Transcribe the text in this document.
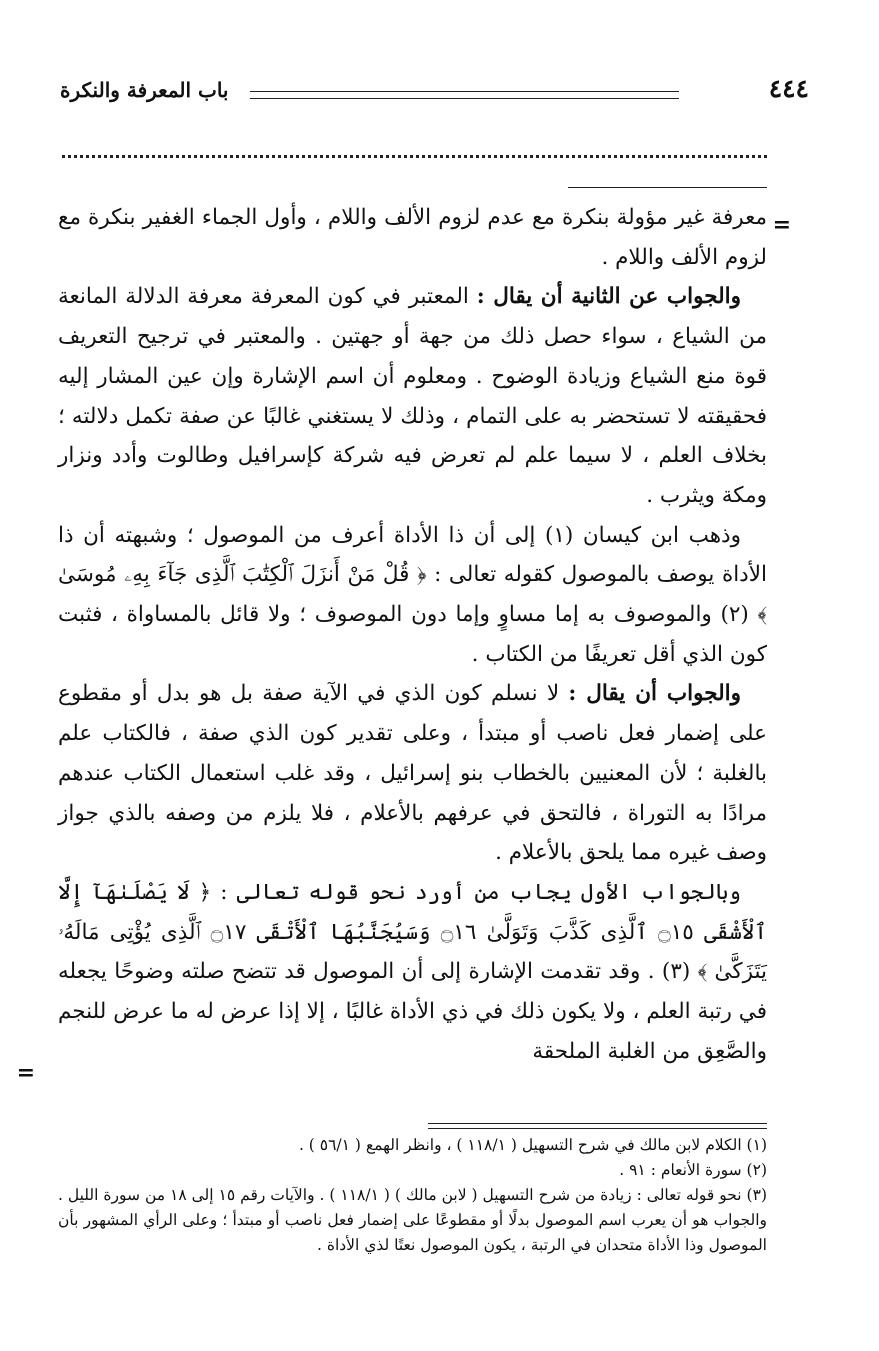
٤٤٤
باب المعرفة والنكرة
=
=

معرفة غير مؤولة بنكرة مع عدم لزوم الألف واللام ، وأول الجماء الغفير بنكرة مع لزوم الألف واللام .

والجواب عن الثانية أن يقال : المعتبر في كون المعرفة معرفة الدلالة المانعة من الشياع ، سواء حصل ذلك من جهة أو جهتين . والمعتبر في ترجيح التعريف قوة منع الشياع وزيادة الوضوح . ومعلوم أن اسم الإشارة وإن عين المشار إليه فحقيقته لا تستحضر به على التمام ، وذلك لا يستغني غالبًا عن صفة تكمل دلالته ؛ بخلاف العلم ، لا سيما علم لم تعرض فيه شركة كإسرافيل وطالوت وأدد ونزار ومكة ويثرب .

وذهب ابن كيسان (١) إلى أن ذا الأداة أعرف من الموصول ؛ وشبهته أن ذا الأداة يوصف بالموصول كقوله تعالى : ﴿ قُلْ مَنْ أَنزَلَ ٱلْكِتَٰبَ ٱلَّذِى جَآءَ بِهِۦ مُوسَىٰ ﴾ (٢) والموصوف به إما مساوٍ وإما دون الموصوف ؛ ولا قائل بالمساواة ، فثبت كون الذي أقل تعريفًا من الكتاب .

والجواب أن يقال : لا نسلم كون الذي في الآية صفة بل هو بدل أو مقطوع على إضمار فعل ناصب أو مبتدأ ، وعلى تقدير كون الذي صفة ، فالكتاب علم بالغلبة ؛ لأن المعنيين بالخطاب بنو إسرائيل ، وقد غلب استعمال الكتاب عندهم مرادًا به التوراة ، فالتحق في عرفهم بالأعلام ، فلا يلزم من وصفه بالذي جواز وصف غيره مما يلحق بالأعلام .

وبالجواب الأول يجاب من أورد نحو قوله تعالى : ﴿ لَا يَصْلَىٰهَآ إِلَّا ٱلْأَشْقَى ۝١٥ ٱلَّذِى كَذَّبَ وَتَوَلَّىٰ ۝١٦ وَسَيُجَنَّبُهَا ٱلْأَتْقَى ۝١٧ ٱلَّذِى يُؤْتِى مَالَهُۥ يَتَزَكَّىٰ ﴾ (٣) . وقد تقدمت الإشارة إلى أن الموصول قد تتضح صلته وضوحًا يجعله في رتبة العلم ، ولا يكون ذلك في ذي الأداة غالبًا ، إلا إذا عرض له ما عرض للنجم والصَّعِق من الغلبة الملحقة

(١) الكلام لابن مالك في شرح التسهيل ( ١١٨/١ ) ، وانظر الهمع ( ٥٦/١ ) .

(٢) سورة الأنعام : ٩١ .

(٣) نحو قوله تعالى : زيادة من شرح التسهيل ( لابن مالك ) ( ١١٨/١ ) . والآيات رقم ١٥ إلى ١٨ من سورة الليل . والجواب هو أن يعرب اسم الموصول بدلًا أو مقطوعًا على إضمار فعل ناصب أو مبتدأ ؛ وعلى الرأي المشهور بأن الموصول وذا الأداة متحدان في الرتبة ، يكون الموصول نعتًا لذي الأداة .
